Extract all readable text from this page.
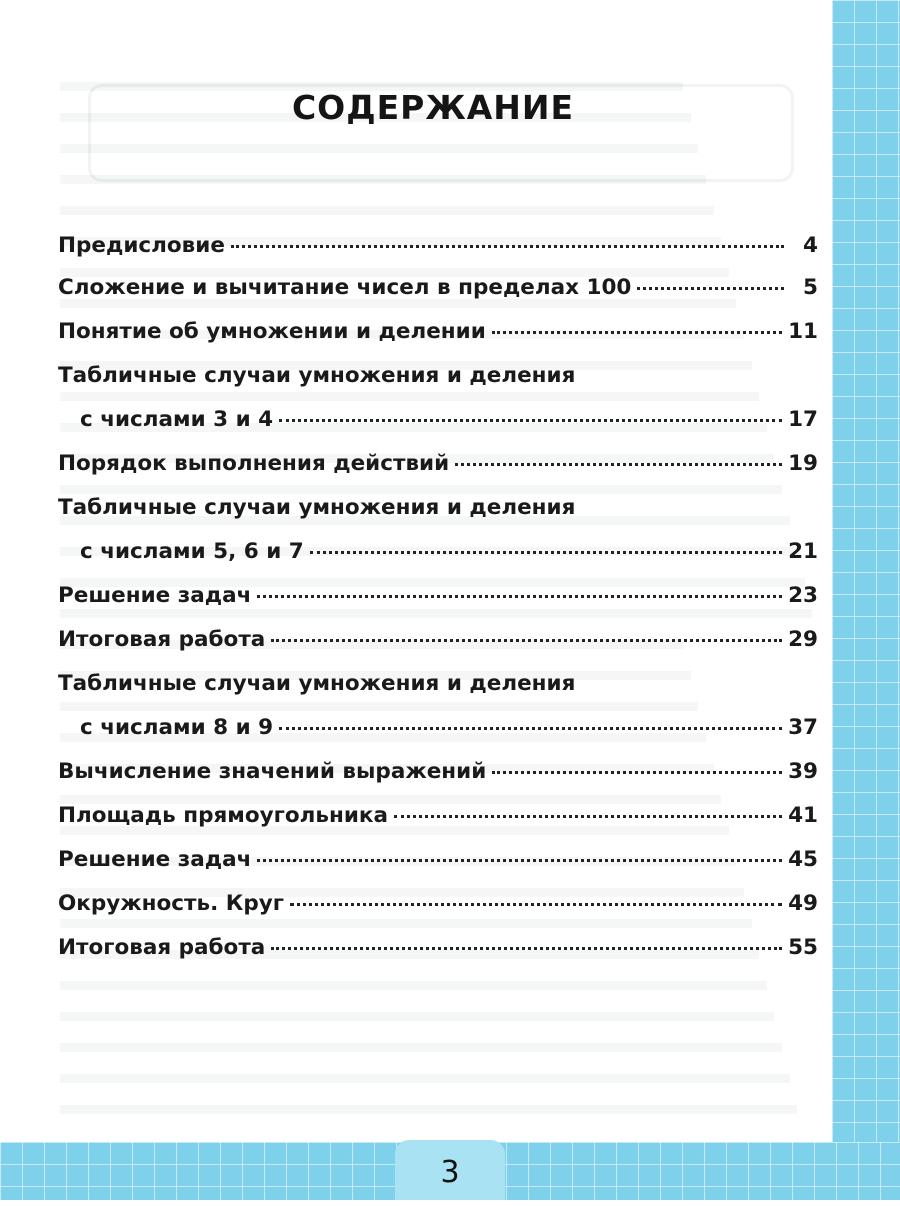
СОДЕРЖАНИЕ
Предисловие	4
Сложение и вычитание чисел в пределах 100	5
Понятие об умножении и делении	11
Табличные случаи умножения и деления
с числами 3 и 4	17
Порядок выполнения действий	19
Табличные случаи умножения и деления
с числами 5, 6 и 7	21
Решение задач	23
Итоговая работа	29
Табличные случаи умножения и деления
с числами 8 и 9	37
Вычисление значений выражений	39
Площадь прямоугольника	41
Решение задач	45
Окружность. Круг	49
Итоговая работа	55
3
